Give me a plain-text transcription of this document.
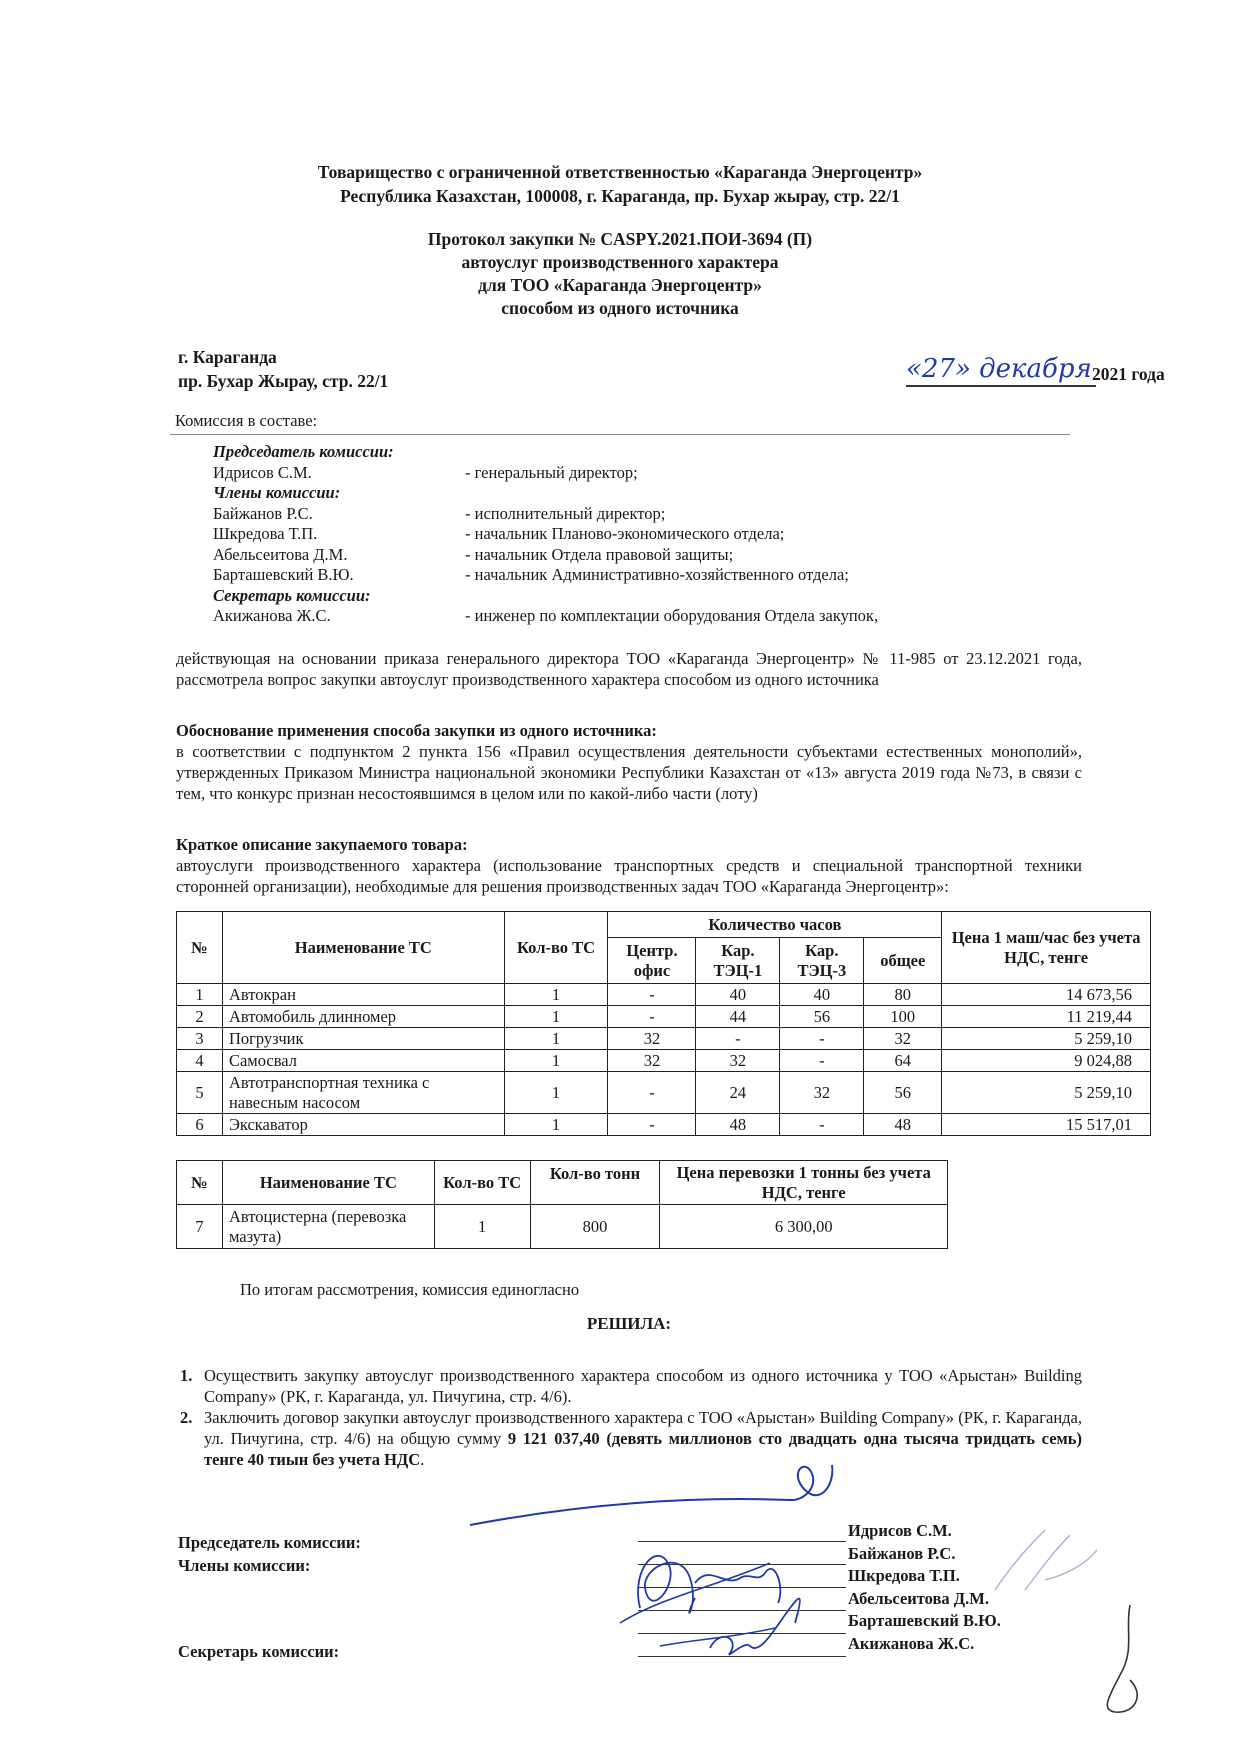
Товарищество с ограниченной ответственностью «Караганда Энергоцентр»
Республика Казахстан, 100008, г. Караганда, пр. Бухар жырау, стр. 22/1
Протокол закупки № CASPY.2021.ПОИ-3694 (П)
автоуслуг производственного характера
для ТОО «Караганда Энергоцентр»
способом из одного источника
г. Караганда
пр. Бухар Жырау, стр. 22/1	«27» декабря 2021 года
Комиссия в составе:
Председатель комиссии:
Идрисов С.М.	- генеральный директор;
Члены комиссии:
Байжанов Р.С.	- исполнительный директор;
Шкредова Т.П.	- начальник Планово-экономического отдела;
Абельсеитова Д.М.	- начальник Отдела правовой защиты;
Барташевский В.Ю.	- начальник Административно-хозяйственного отдела;
Секретарь комиссии:
Акижанова Ж.С.	- инженер по комплектации оборудования Отдела закупок,
действующая на основании приказа генерального директора ТОО «Караганда Энергоцентр» № 11-985 от 23.12.2021 года, рассмотрела вопрос закупки автоуслуг производственного характера способом из одного источника
Обоснование применения способа закупки из одного источника:
в соответствии с подпунктом 2 пункта 156 «Правил осуществления деятельности субъектами естественных монополий», утвержденных Приказом Министра национальной экономики Республики Казахстан от «13» августа 2019 года №73, в связи с тем, что конкурс признан несостоявшимся в целом или по какой-либо части (лоту)
Краткое описание закупаемого товара:
автоуслуги производственного характера (использование транспортных средств и специальной транспортной техники сторонней организации), необходимые для решения производственных задач ТОО «Караганда Энергоцентр»:
№	Наименование ТС	Кол-во ТС	Количество часов				Цена 1 маш/час без учета НДС, тенге
			Центр. офис	Кар. ТЭЦ-1	Кар. ТЭЦ-3	общее	
1	Автокран	1	-	40	40	80	14 673,56
2	Автомобиль длинномер	1	-	44	56	100	11 219,44
3	Погрузчик	1	32	-	-	32	5 259,10
4	Самосвал	1	32	32	-	64	9 024,88
5	Автотранспортная техника с навесным насосом	1	-	24	32	56	5 259,10
6	Экскаватор	1	-	48	-	48	15 517,01
№	Наименование ТС	Кол-во ТС	Кол-во тонн	Цена перевозки 1 тонны без учета НДС, тенге
7	Автоцистерна (перевозка мазута)	1	800	6 300,00
По итогам рассмотрения, комиссия единогласно
РЕШИЛА:
1. Осуществить закупку автоуслуг производственного характера способом из одного источника у ТОО «Арыстан» Building Company» (РК, г. Караганда, ул. Пичугина, стр. 4/6).
2. Заключить договор закупки автоуслуг производственного характера с ТОО «Арыстан» Building Company» (РК, г. Караганда, ул. Пичугина, стр. 4/6) на общую сумму 9 121 037,40 (девять миллионов сто двадцать одна тысяча тридцать семь) тенге 40 тиын без учета НДС.
Председатель комиссии:
Члены комиссии:
Секретарь комиссии:
Идрисов С.М.
Байжанов Р.С.
Шкредова Т.П.
Абельсеитова Д.М.
Барташевский В.Ю.
Акижанова Ж.С.
